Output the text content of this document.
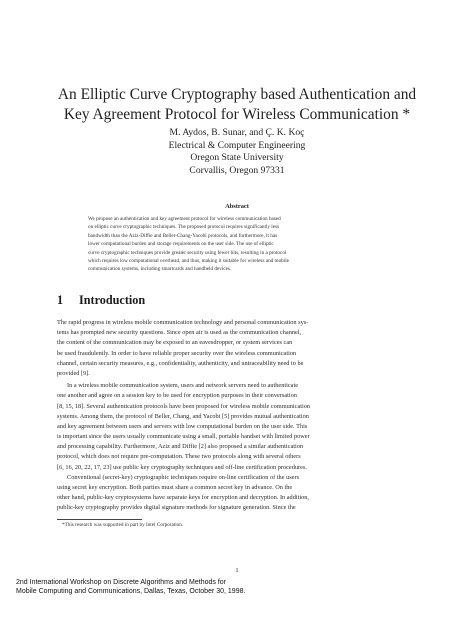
An Elliptic Curve Cryptography based Authentication and
Key Agreement Protocol for Wireless Communication *
M. Aydos, B. Sunar, and Ç. K. Koç
Electrical & Computer Engineering
Oregon State University
Corvallis, Oregon 97331
Abstract
We propose an authentication and key agreement protocol for wireless communication based
on elliptic curve cryptographic techniques. The proposed protocol requires significantly less
bandwidth than the Aziz-Diffie and Beller-Chang-Yacobi protocols, and furthermore, it has
lower computational burden and storage requirements on the user side. The use of elliptic
curve cryptographic techniques provide greater security using fewer bits, resulting in a protocol
which requires low computational overhead, and thus, making it suitable for wireless and mobile
communication systems, including smartcards and handheld devices.
1 Introduction
The rapid progress in wireless mobile communication technology and personal communication sys-
tems has prompted new security questions. Since open air is used as the communication channel,
the content of the communication may be exposed to an eavesdropper, or system services can
be used fraudulently. In order to have reliable proper security over the wireless communication
channel, certain security measures, e.g., confidentiality, authenticity, and untraceability need to be
provided [9].
In a wireless mobile communication system, users and network servers need to authenticate
one another and agree on a session key to be used for encryption purposes in their conversation
[8, 15, 18]. Several authentication protocols have been proposed for wireless mobile communication
systems. Among them, the protocol of Beller, Chang, and Yacobi [5] provides mutual authentication
and key agreement between users and servers with low computational burden on the user side. This
is important since the users usually communicate using a small, portable handset with limited power
and processing capability. Furthermore, Aziz and Diffie [2] also proposed a similar authentication
protocol, which does not require pre-computation. These two protocols along with several others
[6, 16, 20, 22, 17, 23] use public key cryptography techniques and off-line certification procedures.
Conventional (secret-key) cryptographic techniques require on-line certification of the users
using secret key encryption. Both parties must share a common secret key in advance. On the
other hand, public-key cryptosystems have separate keys for encryption and decryption. In addition,
public-key cryptography provides digital signature methods for signature generation. Since the
*This research was supported in part by Intel Corporation.
1
2nd International Workshop on Discrete Algorithms and Methods for
Mobile Computing and Communications, Dallas, Texas, October 30, 1998.
